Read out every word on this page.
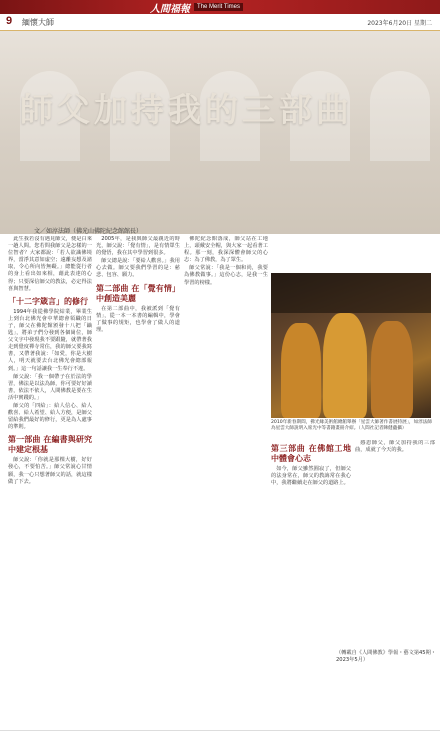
人間福報	The Merit Times
9 緬懷大師	2023年6月20日 星期二
師父加持我的三部曲
文／如淳法師（佛光山佛陀紀念館館長）

此生我若沒有遇見師父，便是白來一趟人間。您若問我師父是怎樣的一位智者？大家都說：「若人欲識佛境界，當淨其意如虛空；遠離妄想及諸取，令心所向皆無礙。」總能從行者的身上看出如來相，藉此表達的心得；只要深信師父的教法，必定得法喜與智慧。

「十二字箴言」的修行

1994年我從佛學院結業，畢業生上到台北佛光會中華總會領職的日子，師父在佛陀館頒發十八把「鑰匙」，將弟子們分發到各個崗位，師父文字中發現我不要跟隨，就帶著我走到覺度禪寺常住，我的師父要我寫書，又帶著我說：「如愛，你是大樹人，明天就要去台北佛光會總部報到。」這一句話讓我一生奉行不違。

師父說：「我一個帶子在於法的學習，佛法是以法為師，你可要好好讀書，依法不依人，人間佛教是要在生活中實踐的。」

師父的「四給」：給人信心、給人歡喜、給人希望、給人方便，是師父留給我們最好的修行，更是為人處事的準則。

第一部曲 在編書與研究中建定根基

師父說：「你就是那棵大樹，好好發心，不要怕苦。」師父常說心甘情願，我一心只想著師父的話，就這樣做了下去。

2005年，是我與師父最親近的時光，師父說：「覺有情」，是有情眾生的覺悟，我在其中學習到很多。

師父總是說：「要給人歡喜。」我用心去做。師父要我們學習的是：慈悲、包容、願力。

第二部曲 在「覺有情」中創造美麗

在第二部曲中，我被派到「覺有情」，從一本一本書的編輯中，學會了做事的規矩，也學會了做人的道理。

佛陀紀念館落成，師父站在工地上，頭戴安全帽，與大家一起看著工程。那一刻，我深深體會師父的心志：為了佛教，為了眾生。

師父常說：「我是一個和尚，我要為佛教做事。」這份心志，是我一生學習的榜樣。

2010年新春期間，佛光緣美術館總館舉辦「星雲大師著作書展特展」，如淳法師為星雲大師說明入席光中等書籍畫冊介紹。（人間社記者陳健蘊攝）
第三部曲 在佛館工地中體會心志

如今，師父雖然圓寂了，但師父的法身常在，師父的教誨常在我心中，我將繼續走在師父的道路上。

感恩師父，師父加持我的三部曲，成就了今天的我。

（轉載自《人間佛教》學報・藝文第45期・2023年5月）
